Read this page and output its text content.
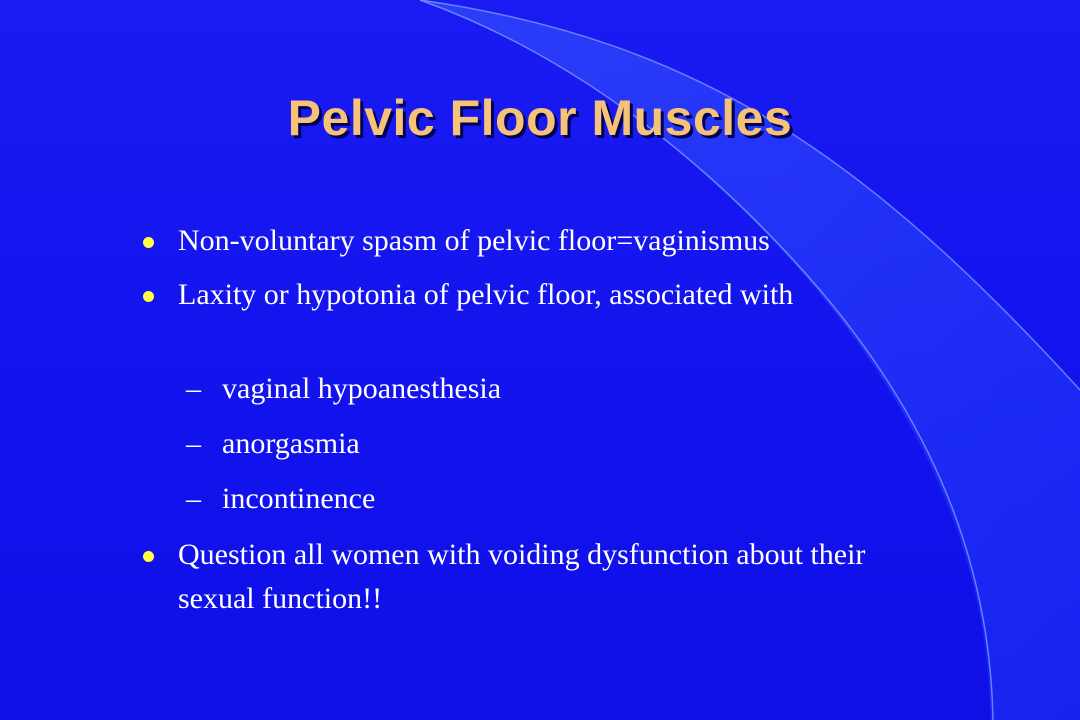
Pelvic Floor Muscles
Non-voluntary spasm of pelvic floor=vaginismus
Laxity or hypotonia of pelvic floor, associated with
– vaginal hypoanesthesia
– anorgasmia
– incontinence
Question all women with voiding dysfunction about their sexual function!!
